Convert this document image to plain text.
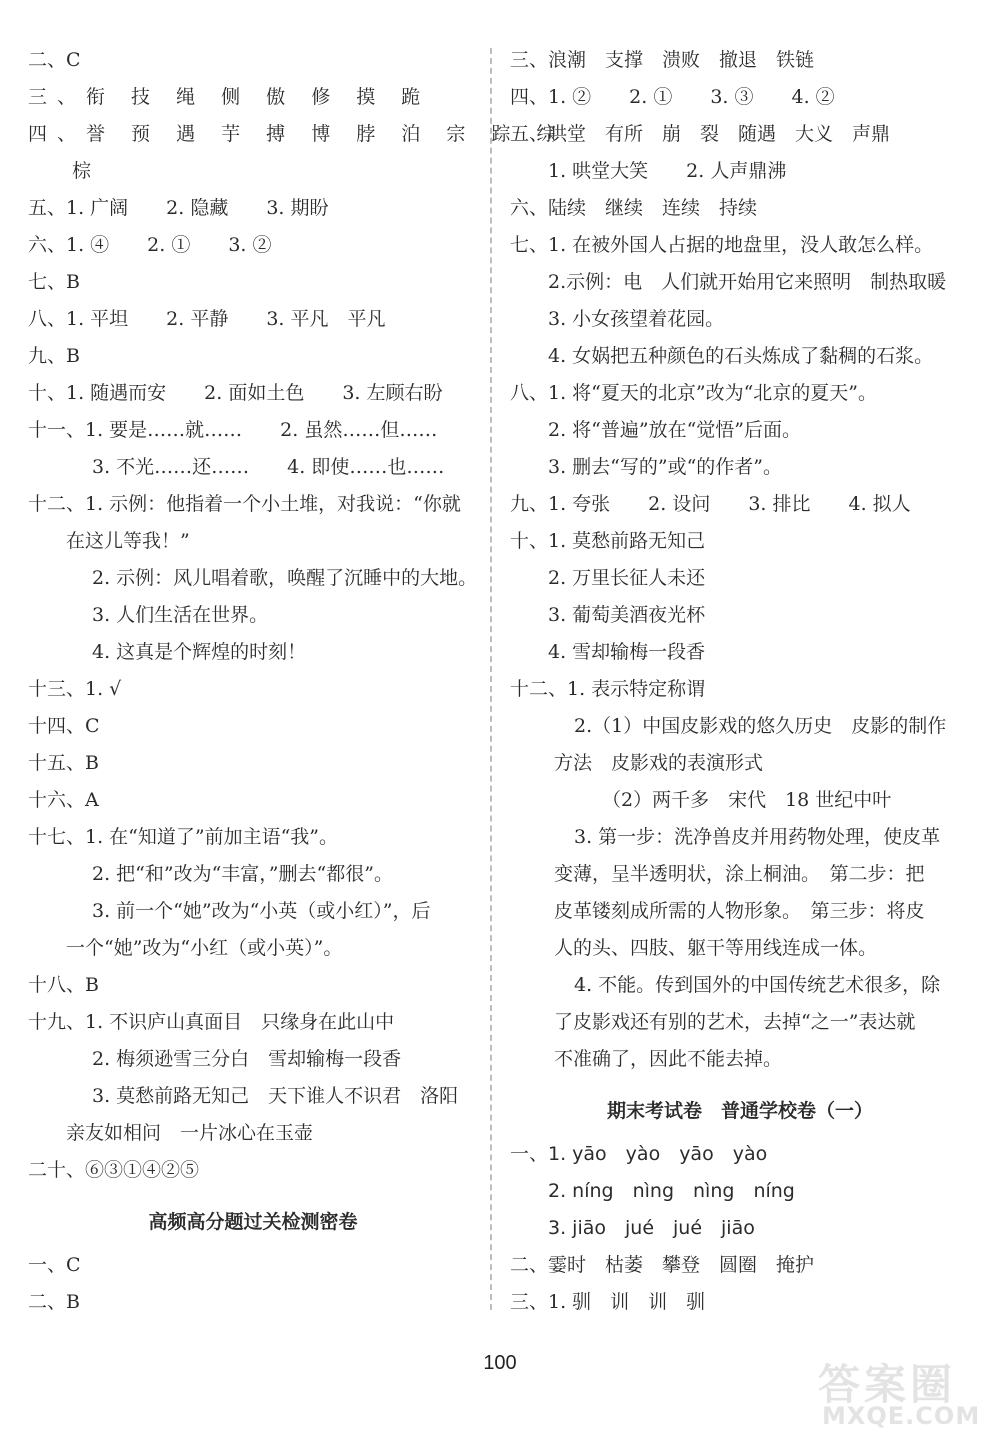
二、C
三、衔 技 绳 侧 傲 修 摸 跪
四、誉 预 遇 芋 搏 博 脖 泊 宗 踪 综
棕
五、1. 广阔　　2. 隐藏　　3. 期盼
六、1. ④　　2. ①　　3. ②
七、B
八、1. 平坦　　2. 平静　　3. 平凡　平凡
九、B
十、1. 随遇而安　　2. 面如土色　　3. 左顾右盼
十一、1. 要是……就……　　2. 虽然……但……
3. 不光……还……　　4. 即使……也……
十二、1. 示例：他指着一个小土堆，对我说：“你就
在这儿等我！”
2. 示例：风儿唱着歌，唤醒了沉睡中的大地。
3. 人们生活在世界。
4. 这真是个辉煌的时刻！
十三、1. √
十四、C
十五、B
十六、A
十七、1. 在“知道了”前加主语“我”。
2. 把“和”改为“丰富，”删去“都很”。
3. 前一个“她”改为“小英（或小红）”，后
一个“她”改为“小红（或小英）”。
十八、B
十九、1. 不识庐山真面目　只缘身在此山中
2. 梅须逊雪三分白　雪却输梅一段香
3. 莫愁前路无知己　天下谁人不识君　洛阳
亲友如相问　一片冰心在玉壶
二十、⑥③①④②⑤
高频高分题过关检测密卷
一、C
二、B
三、浪潮　支撑　溃败　撤退　铁链
四、1. ②　　2. ①　　3. ③　　4. ②
五、哄堂　有所　崩　裂　随遇　大义　声鼎
1. 哄堂大笑　　2. 人声鼎沸
六、陆续　继续　连续　持续
七、1. 在被外国人占据的地盘里，没人敢怎么样。
2.示例：电　人们就开始用它来照明　制热取暖
3. 小女孩望着花园。
4. 女娲把五种颜色的石头炼成了黏稠的石浆。
八、1. 将“夏天的北京”改为“北京的夏天”。
2. 将“普遍”放在“觉悟”后面。
3. 删去“写的”或“的作者”。
九、1. 夸张　　2. 设问　　3. 排比　　4. 拟人
十、1. 莫愁前路无知己
2. 万里长征人未还
3. 葡萄美酒夜光杯
4. 雪却输梅一段香
十二、1. 表示特定称谓
2.（1）中国皮影戏的悠久历史　皮影的制作
方法　皮影戏的表演形式
（2）两千多　宋代　18 世纪中叶
3. 第一步：洗净兽皮并用药物处理，使皮革
变薄，呈半透明状，涂上桐油。　第二步：把
皮革镂刻成所需的人物形象。　第三步：将皮
人的头、四肢、躯干等用线连成一体。
4. 不能。传到国外的中国传统艺术很多，除
了皮影戏还有别的艺术，去掉“之一”表达就
不准确了，因此不能去掉。
期末考试卷　普通学校卷（一）
一、1. yāo　yào　yāo　yào
2. níng　nìng　nìng　níng
3. jiāo　jué　jué　jiāo
二、霎时　枯萎　攀登　圆圈　掩护
三、1. 驯　训　训　驯
100	答案圈
MXQE.COM
